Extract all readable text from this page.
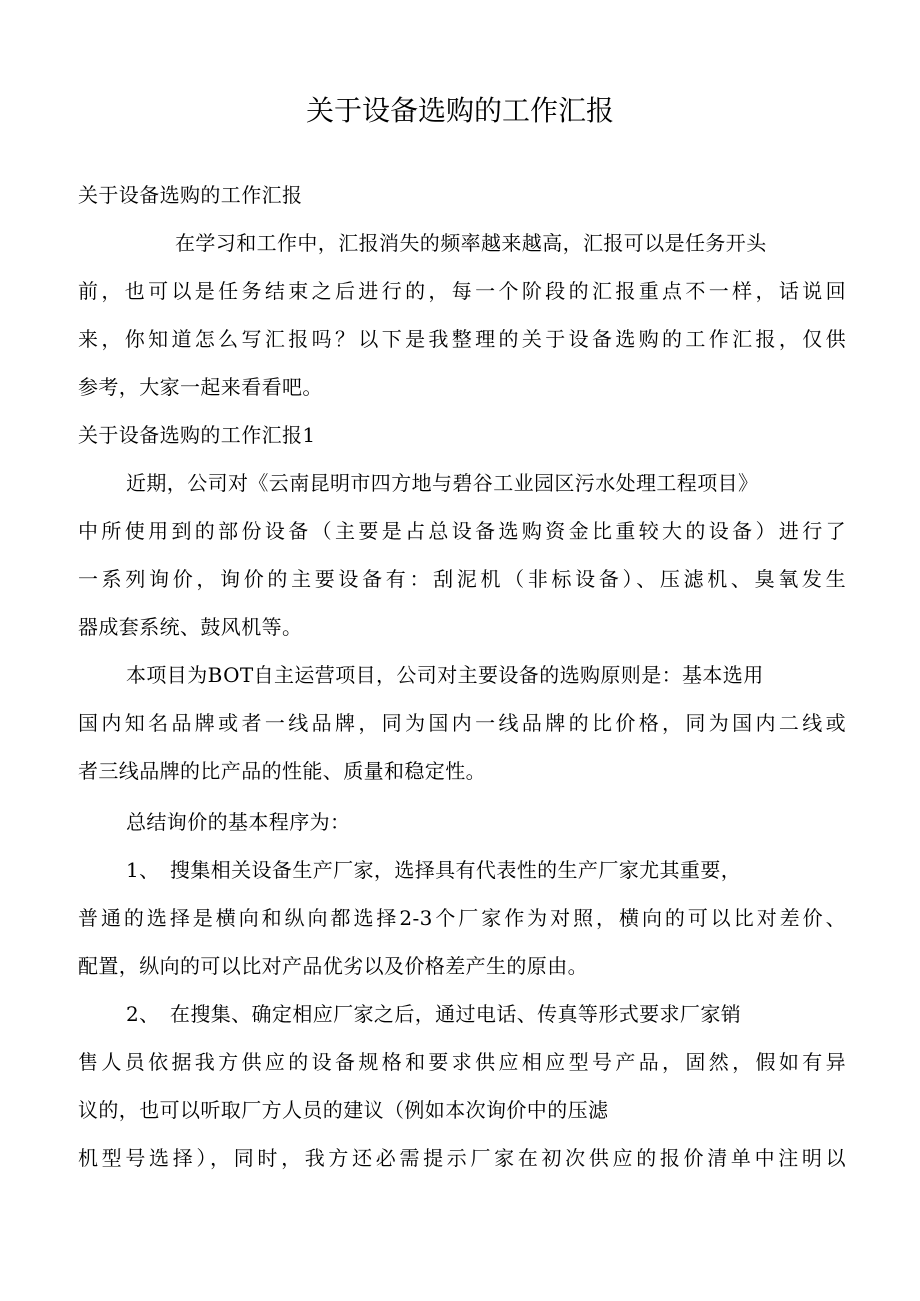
关于设备选购的工作汇报
关于设备选购的工作汇报
在学习和工作中，汇报消失的频率越来越高，汇报可以是任务开头
前，也可以是任务结束之后进行的，每一个阶段的汇报重点不一样，话说回
来，你知道怎么写汇报吗？以下是我整理的关于设备选购的工作汇报，仅供
参考，大家一起来看看吧。
关于设备选购的工作汇报1
近期，公司对《云南昆明市四方地与碧谷工业园区污水处理工程项目》
中所使用到的部份设备（主要是占总设备选购资金比重较大的设备）进行了
一系列询价，询价的主要设备有：刮泥机（非标设备）、压滤机、臭氧发生
器成套系统、鼓风机等。
本项目为BOT自主运营项目，公司对主要设备的选购原则是：基本选用
国内知名品牌或者一线品牌，同为国内一线品牌的比价格，同为国内二线或
者三线品牌的比产品的性能、质量和稳定性。
总结询价的基本程序为：
1、　搜集相关设备生产厂家，选择具有代表性的生产厂家尤其重要，
普通的选择是横向和纵向都选择2-3个厂家作为对照，横向的可以比对差价、
配置，纵向的可以比对产品优劣以及价格差产生的原由。
2、　在搜集、确定相应厂家之后，通过电话、传真等形式要求厂家销
售人员依据我方供应的设备规格和要求供应相应型号产品，固然，假如有异
议的，也可以听取厂方人员的建议（例如本次询价中的压滤
机型号选择），同时，我方还必需提示厂家在初次供应的报价清单中注明以
